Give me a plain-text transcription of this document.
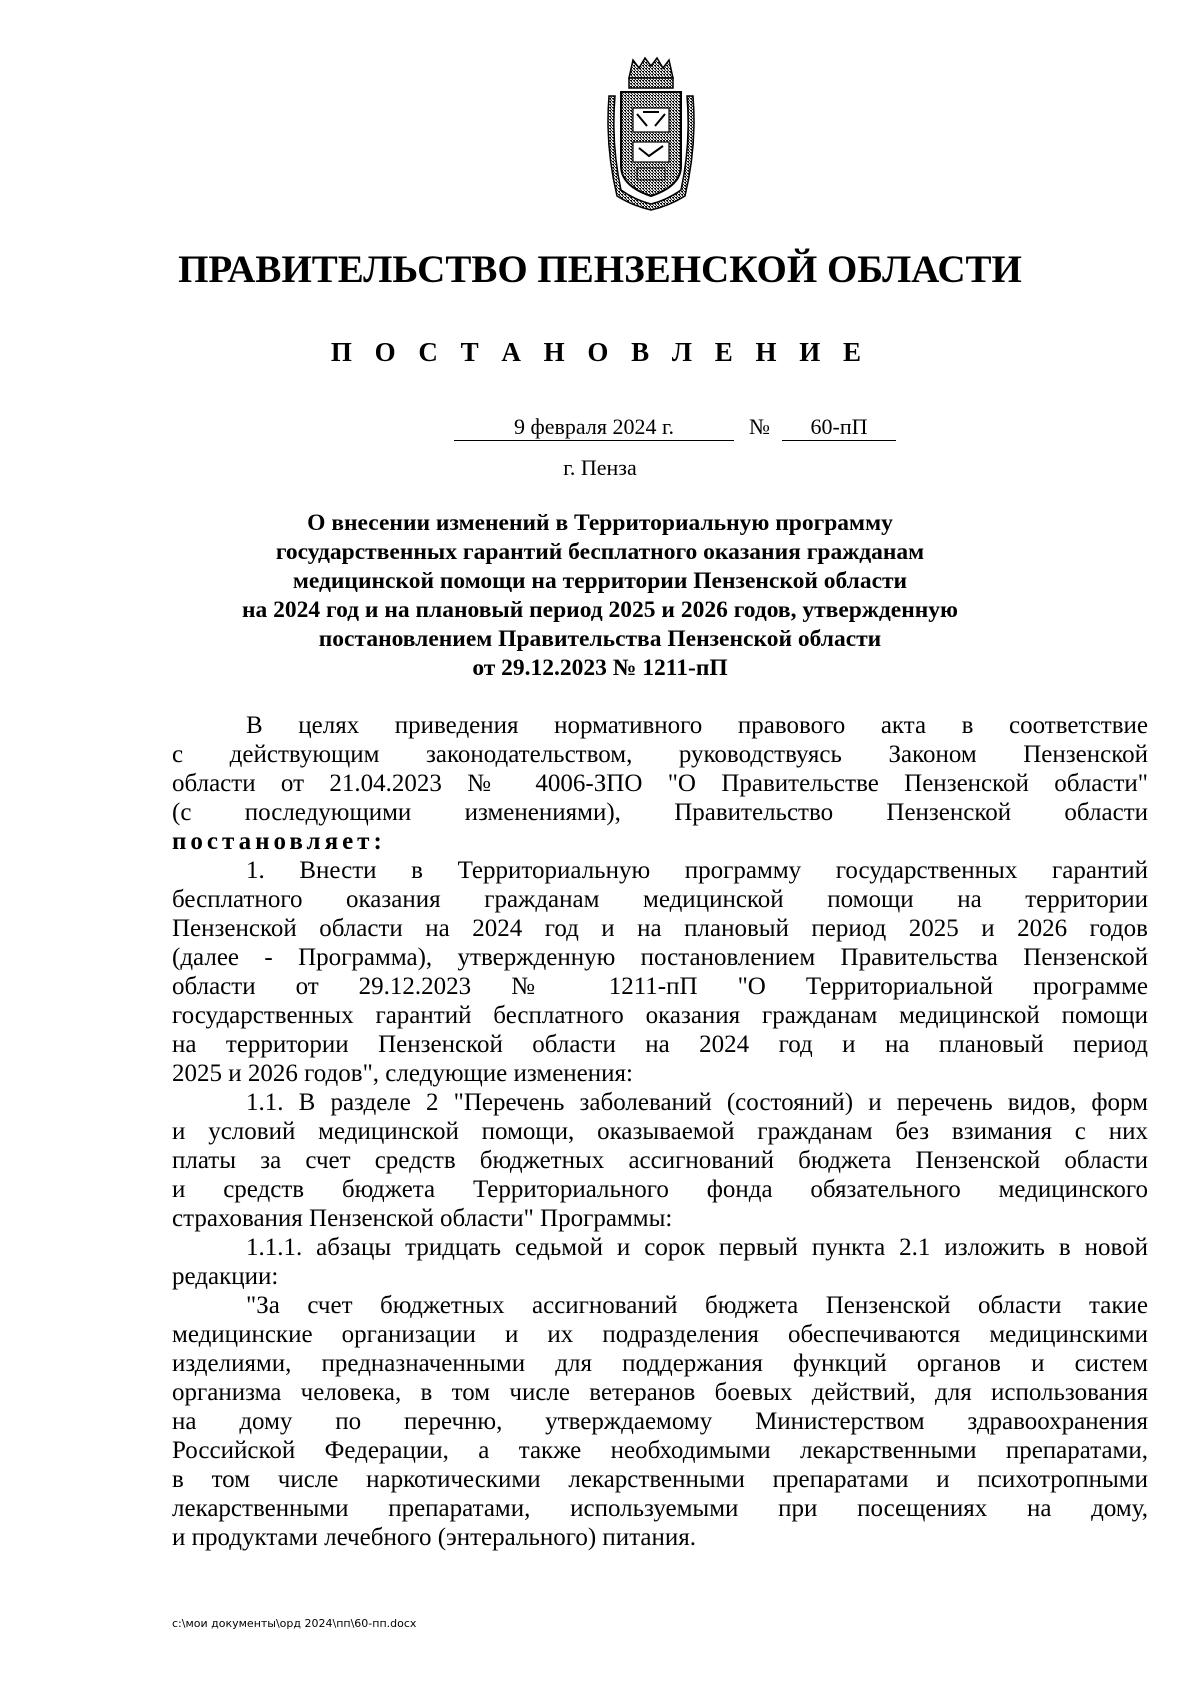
ПРАВИТЕЛЬСТВО ПЕНЗЕНСКОЙ ОБЛАСТИ
П О С Т А Н О В Л Е Н И Е
9 февраля 2024 г.	№	60-пП
г. Пенза
О внесении изменений в Территориальную программу
государственных гарантий бесплатного оказания гражданам
медицинской помощи на территории Пензенской области
на 2024 год и на плановый период 2025 и 2026 годов, утвержденную
постановлением Правительства Пензенской области
от 29.12.2023 № 1211-пП
В целях приведения нормативного правового акта в соответствие
с действующим законодательством, руководствуясь Законом Пензенской
области от 21.04.2023 № 4006-ЗПО "О Правительстве Пензенской области"
(с последующими изменениями), Правительство Пензенской области
постановляет:
1. Внести в Территориальную программу государственных гарантий
бесплатного оказания гражданам медицинской помощи на территории
Пензенской области на 2024 год и на плановый период 2025 и 2026 годов
(далее - Программа), утвержденную постановлением Правительства Пензенской
области от 29.12.2023 № 1211-пП "О Территориальной программе
государственных гарантий бесплатного оказания гражданам медицинской помощи
на территории Пензенской области на 2024 год и на плановый период
2025 и 2026 годов", следующие изменения:
1.1. В разделе 2 "Перечень заболеваний (состояний) и перечень видов, форм
и условий медицинской помощи, оказываемой гражданам без взимания с них
платы за счет средств бюджетных ассигнований бюджета Пензенской области
и средств бюджета Территориального фонда обязательного медицинского
страхования Пензенской области" Программы:
1.1.1. абзацы тридцать седьмой и сорок первый пункта 2.1 изложить в новой
редакции:
"За счет бюджетных ассигнований бюджета Пензенской области такие
медицинские организации и их подразделения обеспечиваются медицинскими
изделиями, предназначенными для поддержания функций органов и систем
организма человека, в том числе ветеранов боевых действий, для использования
на дому по перечню, утверждаемому Министерством здравоохранения
Российской Федерации, а также необходимыми лекарственными препаратами,
в том числе наркотическими лекарственными препаратами и психотропными
лекарственными препаратами, используемыми при посещениях на дому,
и продуктами лечебного (энтерального) питания.
c:\мои документы\орд 2024\пп\60-пп.docx
